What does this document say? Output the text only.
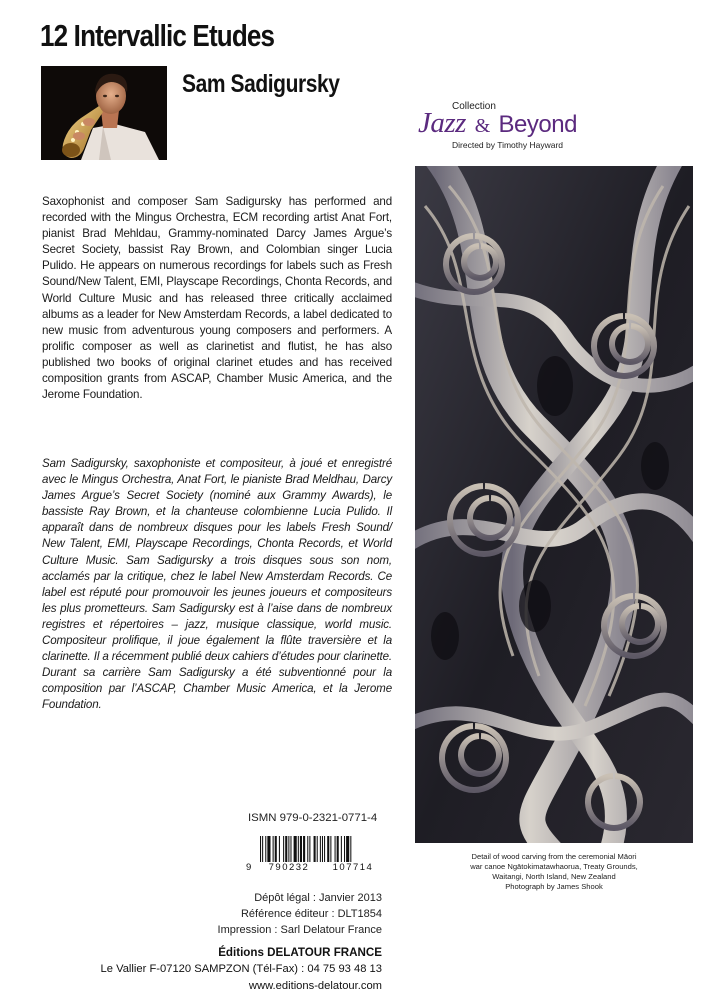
12 Intervallic Etudes
Sam Sadigursky
Collection
Jazz & Beyond
Directed by Timothy Hayward
Saxophonist and composer Sam Sadigursky has performed and recorded with the Mingus Orchestra, ECM recording artist Anat Fort, pianist Brad Mehldau, Grammy-nominated Darcy James Argue’s Secret Society, bassist Ray Brown, and Colombian singer Lucia Pulido. He appears on numerous recordings for labels such as Fresh Sound/New Talent, EMI, Playscape Recordings, Chonta Records, and World Culture Music and has released three critically acclaimed albums as a leader for New Amsterdam Records, a label dedicated to new music from adventurous young composers and performers. A prolific composer as well as clarinetist and flutist, he has also published two books of original clarinet etudes and has received composition grants from ASCAP, Chamber Music America, and the Jerome Foundation.
Sam Sadigursky, saxophoniste et compositeur, à joué et enregistré avec le Mingus Orchestra, Anat Fort, le pianiste Brad Meldhau, Darcy James Argue’s Secret Society (nominé aux Grammy Awards), le bassiste Ray Brown, et la chanteuse colombienne Lucia Pulido. Il apparaît dans de nombreux disques pour les labels Fresh Sound/ New Talent, EMI, Playscape Recordings, Chonta Records, et World Culture Music. Sam Sadigursky a trois disques sous son nom, acclamés par la critique, chez le label New Amsterdam Records. Ce label est réputé pour promouvoir les jeunes joueurs et compositeurs les plus prometteurs. Sam Sadigursky est à l’aise dans de nombreux registres et répertoires – jazz, musique classique, world music. Compositeur prolifique, il joue également la flûte traversière et la clarinette. Il a récemment publié deux cahiers d’études pour clarinette. Durant sa carrière Sam Sadigursky a été subventionné pour la composition par l’ASCAP, Chamber Music America, et la Jerome Foundation.
Detail of wood carving from the ceremonial Māori
war canoe Ngātokimatawhaorua, Treaty Grounds,
Waitangi, North Island, New Zealand
Photograph by James Shook
ISMN 979-0-2321-0771-4
9 790232 107714
Dépôt légal : Janvier 2013
Référence éditeur : DLT1854
Impression : Sarl Delatour France
Éditions DELATOUR FRANCE
Le Vallier F-07120 SAMPZON (Tél-Fax) : 04 75 93 48 13
www.editions-delatour.com
